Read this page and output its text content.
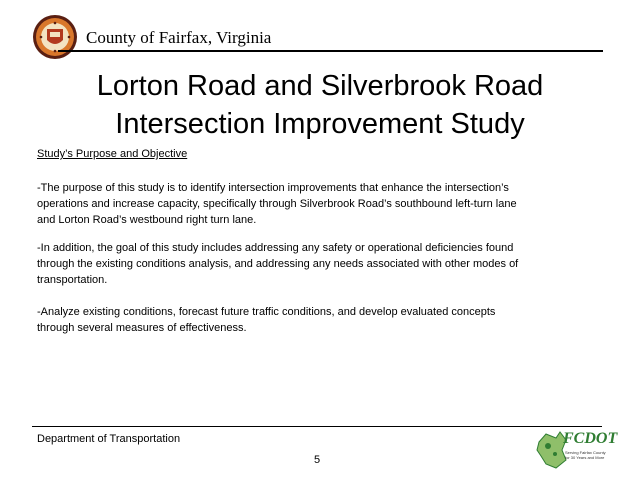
County of Fairfax, Virginia
Lorton Road and Silverbrook Road
Intersection Improvement Study
Study’s Purpose and Objective
-The purpose of this study is to identify intersection improvements that enhance the intersection’s
operations and increase capacity, specifically through Silverbrook Road’s southbound left-turn lane
and Lorton Road’s westbound right turn lane.
-In addition, the goal of this study includes addressing any safety or operational deficiencies found
through the existing conditions analysis, and addressing any needs associated with other modes of
transportation.
-Analyze existing conditions, forecast future traffic conditions, and develop evaluated concepts
through several measures of effectiveness.
Department of Transportation
5
FCDOT
Serving Fairfax County
for 30 Years and More
